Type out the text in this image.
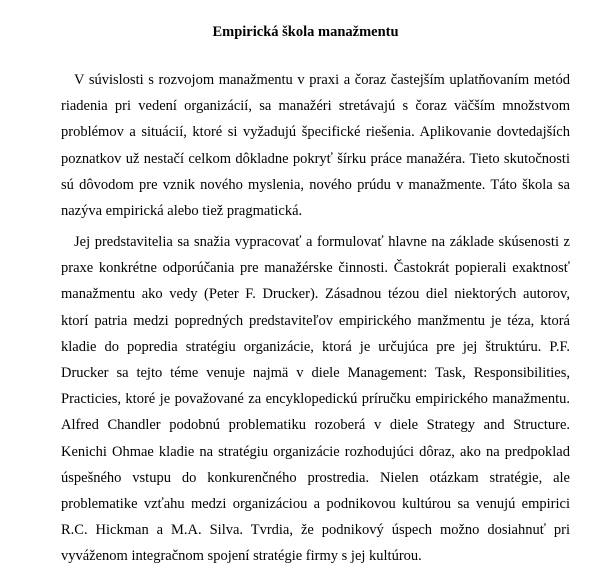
Empirická škola manažmentu

V súvislosti s rozvojom manažmentu v praxi a čoraz častejším uplatňovaním metód riadenia pri vedení organizácií, sa manažéri stretávajú s čoraz väčším množstvom problémov a situácií, ktoré si vyžadujú špecifické riešenia. Aplikovanie dovtedajších poznatkov už nestačí celkom dôkladne pokryť šírku práce manažéra. Tieto skutočnosti sú dôvodom pre vznik nového myslenia, nového prúdu v manažmente. Táto škola sa nazýva empirická alebo tiež pragmatická.

Jej predstavitelia sa snažia vypracovať a formulovať hlavne na základe skúsenosti z praxe konkrétne odporúčania pre manažérske činnosti. Častokrát popierali exaktnosť manažmentu ako vedy (Peter F. Drucker). Zásadnou tézou diel niektorých autorov, ktorí patria medzi popredných predstaviteľov empirického manžmentu je téza, ktorá kladie do popredia stratégiu organizácie, ktorá je určujúca pre jej štruktúru. P.F. Drucker sa tejto téme venuje najmä v diele Management: Task, Responsibilities, Practicies, ktoré je považované za encyklopedickú príručku empirického manažmentu. Alfred Chandler podobnú problematiku rozoberá v diele Strategy and Structure. Kenichi Ohmae kladie na stratégiu organizácie rozhodujúci dôraz, ako na predpoklad úspešného vstupu do konkurenčného prostredia. Nielen otázkam stratégie, ale problematike vzťahu medzi organizáciou a podnikovou kultúrou sa venujú empirici R.C. Hickman a M.A. Silva. Tvrdia, že podnikový úspech možno dosiahnuť pri vyváženom integračnom spojení stratégie firmy s jej kultúrou.
